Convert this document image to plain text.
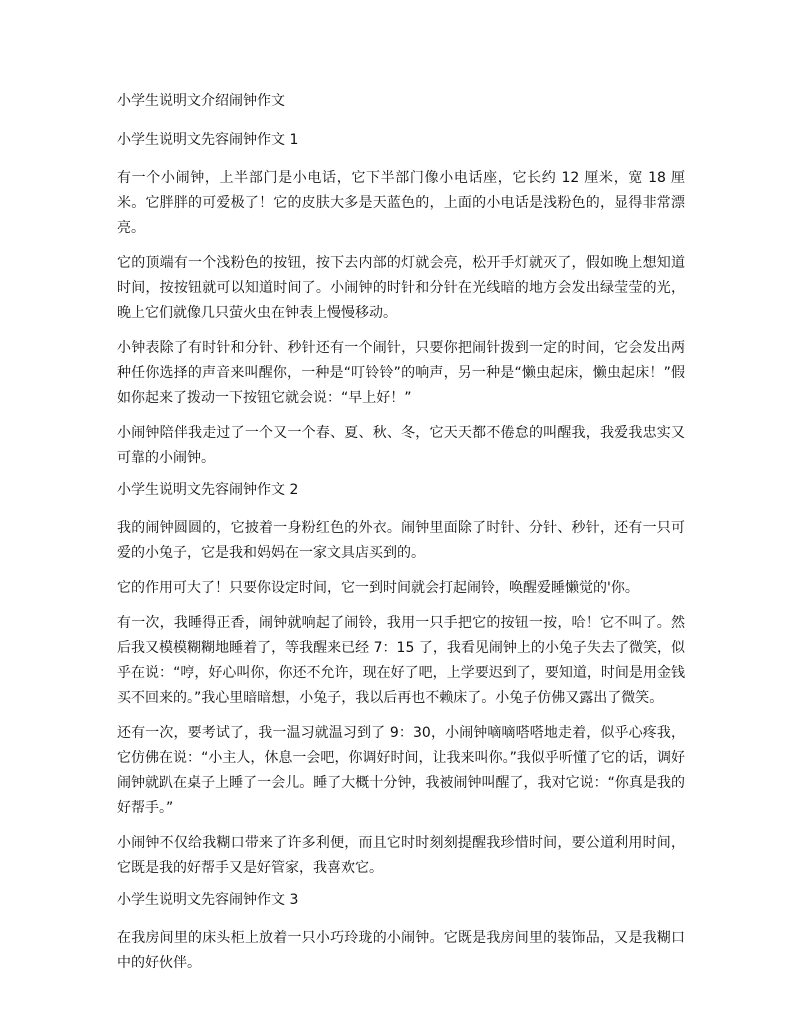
小学生说明文介绍闹钟作文
小学生说明文先容闹钟作文 1

有一个小闹钟，上半部门是小电话，它下半部门像小电话座，它长约 12 厘米，宽 18 厘米。它胖胖的可爱极了！它的皮肤大多是天蓝色的，上面的小电话是浅粉色的，显得非常漂亮。

它的顶端有一个浅粉色的按钮，按下去内部的灯就会亮，松开手灯就灭了，假如晚上想知道时间，按按钮就可以知道时间了。小闹钟的时针和分针在光线暗的地方会发出绿莹莹的光，晚上它们就像几只萤火虫在钟表上慢慢移动。

小钟表除了有时针和分针、秒针还有一个闹针，只要你把闹针拨到一定的时间，它会发出两种任你选择的声音来叫醒你，一种是“叮铃铃”的响声，另一种是“懒虫起床，懒虫起床！”假如你起来了拨动一下按钮它就会说：“早上好！”

小闹钟陪伴我走过了一个又一个春、夏、秋、冬，它天天都不倦怠的叫醒我，我爱我忠实又可靠的小闹钟。

小学生说明文先容闹钟作文 2

我的闹钟圆圆的，它披着一身粉红色的外衣。闹钟里面除了时针、分针、秒针，还有一只可爱的小兔子，它是我和妈妈在一家文具店买到的。

它的作用可大了！只要你设定时间，它一到时间就会打起闹铃，唤醒爱睡懒觉的'你。

有一次，我睡得正香，闹钟就响起了闹铃，我用一只手把它的按钮一按，哈！它不叫了。然后我又模模糊糊地睡着了，等我醒来已经 7：15 了，我看见闹钟上的小兔子失去了微笑，似乎在说：“哼，好心叫你，你还不允许，现在好了吧，上学要迟到了，要知道，时间是用金钱买不回来的。”我心里暗暗想，小兔子，我以后再也不赖床了。小兔子仿佛又露出了微笑。

还有一次，要考试了，我一温习就温习到了 9：30，小闹钟嘀嘀嗒嗒地走着，似乎心疼我，它仿佛在说：“小主人，休息一会吧，你调好时间，让我来叫你。”我似乎听懂了它的话，调好闹钟就趴在桌子上睡了一会儿。睡了大概十分钟，我被闹钟叫醒了，我对它说：“你真是我的好帮手。”

小闹钟不仅给我糊口带来了许多利便，而且它时时刻刻提醒我珍惜时间，要公道利用时间，它既是我的好帮手又是好管家，我喜欢它。

小学生说明文先容闹钟作文 3

在我房间里的床头柜上放着一只小巧玲珑的小闹钟。它既是我房间里的装饰品，又是我糊口中的好伙伴。
